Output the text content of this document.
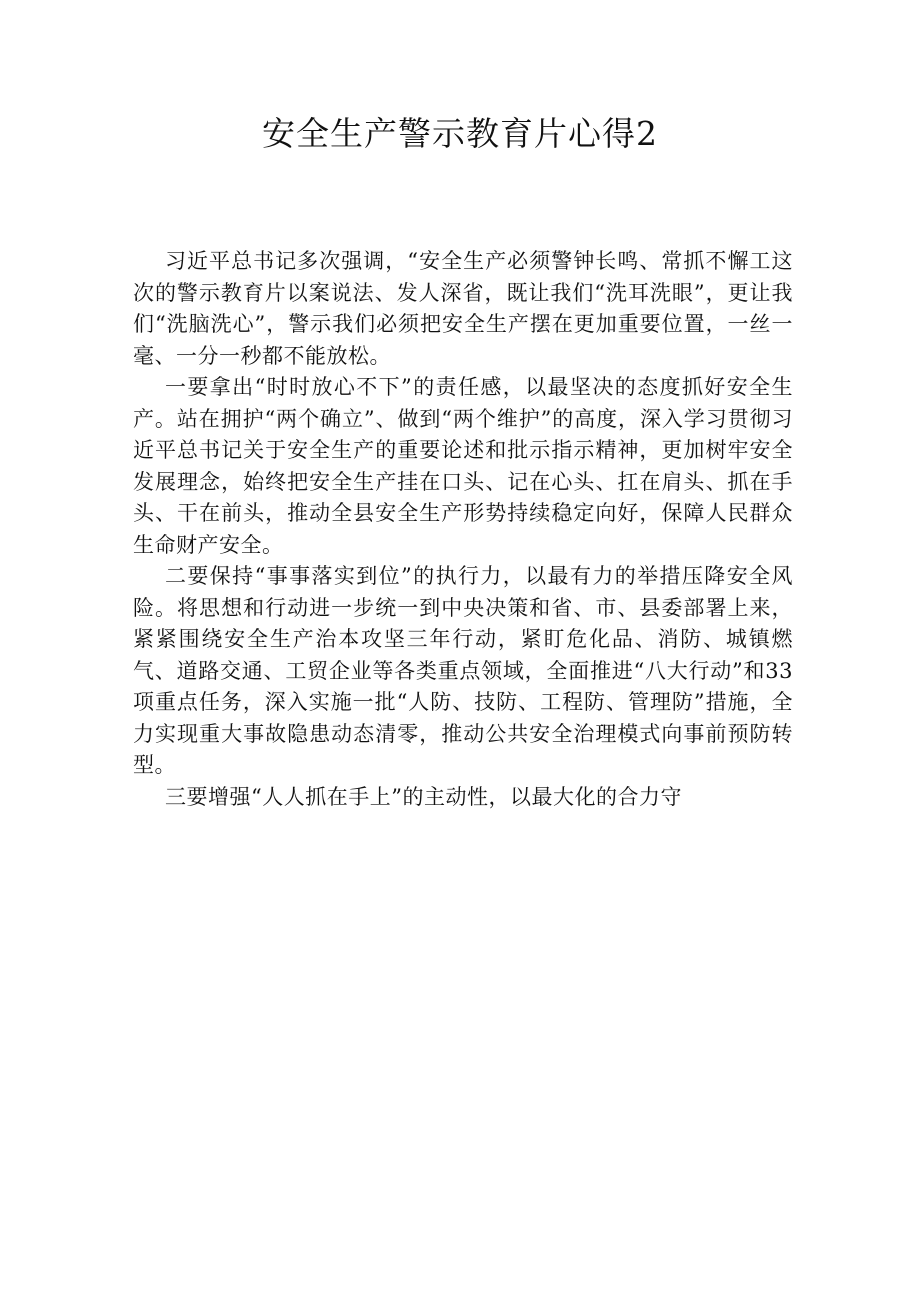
安全生产警示教育片心得2

习近平总书记多次强调，“安全生产必须警钟长鸣、常抓不懈工这次的警示教育片以案说法、发人深省，既让我们“洗耳洗眼”，更让我们“洗脑洗心”，警示我们必须把安全生产摆在更加重要位置，一丝一毫、一分一秒都不能放松。

一要拿出“时时放心不下”的责任感，以最坚决的态度抓好安全生产。站在拥护“两个确立”、做到“两个维护”的高度，深入学习贯彻习近平总书记关于安全生产的重要论述和批示指示精神，更加树牢安全发展理念，始终把安全生产挂在口头、记在心头、扛在肩头、抓在手头、干在前头，推动全县安全生产形势持续稳定向好，保障人民群众生命财产安全。

二要保持“事事落实到位”的执行力，以最有力的举措压降安全风险。将思想和行动进一步统一到中央决策和省、市、县委部署上来，紧紧围绕安全生产治本攻坚三年行动，紧盯危化品、消防、城镇燃气、道路交通、工贸企业等各类重点领域，全面推进“八大行动”和33项重点任务，深入实施一批“人防、技防、工程防、管理防”措施，全力实现重大事故隐患动态清零，推动公共安全治理模式向事前预防转型。

三要增强“人人抓在手上”的主动性，以最大化的合力守
